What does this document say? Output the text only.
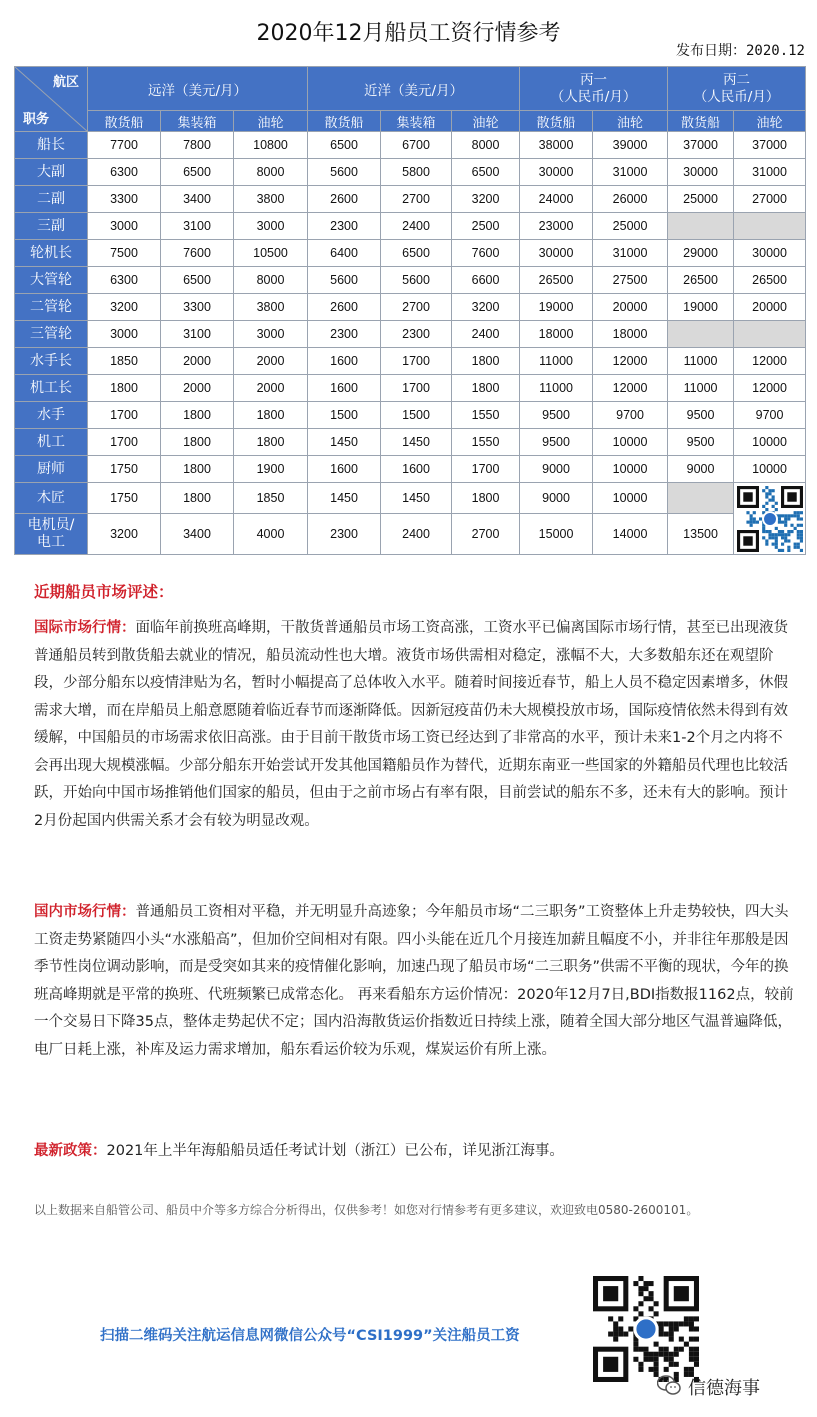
2020年12月船员工资行情参考
发布日期：2020.12
航区
职务	远洋（美元/月）			近洋（美元/月）			丙一
（人民币/月）		丙二
（人民币/月）	
	散货船	集装箱	油轮	散货船	集装箱	油轮	散货船	油轮	散货船	油轮
船长	7700	7800	10800	6500	6700	8000	38000	39000	37000	37000
大副	6300	6500	8000	5600	5800	6500	30000	31000	30000	31000
二副	3300	3400	3800	2600	2700	3200	24000	26000	25000	27000
三副	3000	3100	3000	2300	2400	2500	23000	25000		
轮机长	7500	7600	10500	6400	6500	7600	30000	31000	29000	30000
大管轮	6300	6500	8000	5600	5600	6600	26500	27500	26500	26500
二管轮	3200	3300	3800	2600	2700	3200	19000	20000	19000	20000
三管轮	3000	3100	3000	2300	2300	2400	18000	18000		
水手长	1850	2000	2000	1600	1700	1800	11000	12000	11000	12000
机工长	1800	2000	2000	1600	1700	1800	11000	12000	11000	12000
水手	1700	1800	1800	1500	1500	1550	9500	9700	9500	9700
机工	1700	1800	1800	1450	1450	1550	9500	10000	9500	10000
厨师	1750	1800	1900	1600	1600	1700	9000	10000	9000	10000
木匠	1750	1800	1850	1450	1450	1800	9000	10000		

电机员/
电工	3200	3400	4000	2300	2400	2700	15000	14000	13500	
近期船员市场评述：
国际市场行情：面临年前换班高峰期，干散货普通船员市场工资高涨，工资水平已偏离国际市场行情，甚至已出现液货普通船员转到散货船去就业的情况，船员流动性也大增。液货市场供需相对稳定，涨幅不大，大多数船东还在观望阶段，少部分船东以疫情津贴为名，暂时小幅提高了总体收入水平。随着时间接近春节，船上人员不稳定因素增多，休假需求大增，而在岸船员上船意愿随着临近春节而逐渐降低。因新冠疫苗仍未大规模投放市场，国际疫情依然未得到有效缓解，中国船员的市场需求依旧高涨。由于目前干散货市场工资已经达到了非常高的水平，预计未来1-2个月之内将不会再出现大规模涨幅。少部分船东开始尝试开发其他国籍船员作为替代，近期东南亚一些国家的外籍船员代理也比较活跃，开始向中国市场推销他们国家的船员，但由于之前市场占有率有限，目前尝试的船东不多，还未有大的影响。预计2月份起国内供需关系才会有较为明显改观。
国内市场行情：普通船员工资相对平稳，并无明显升高迹象；今年船员市场“二三职务”工资整体上升走势较快，四大头工资走势紧随四小头“水涨船高”，但加价空间相对有限。四小头能在近几个月接连加薪且幅度不小，并非往年那般是因季节性岗位调动影响，而是受突如其来的疫情催化影响，加速凸现了船员市场“二三职务”供需不平衡的现状，今年的换班高峰期就是平常的换班、代班频繁已成常态化。 再来看船东方运价情况：2020年12月7日,BDI指数报1162点，较前一个交易日下降35点，整体走势起伏不定；国内沿海散货运价指数近日持续上涨，随着全国大部分地区气温普遍降低，电厂日耗上涨，补库及运力需求增加，船东看运价较为乐观，煤炭运价有所上涨。
最新政策：2021年上半年海船船员适任考试计划（浙江）已公布，详见浙江海事。
以上数据来自船管公司、船员中介等多方综合分析得出，仅供参考！如您对行情参考有更多建议，欢迎致电0580-2600101。
扫描二维码关注航运信息网微信公众号“CSI1999”关注船员工资
信德海事
